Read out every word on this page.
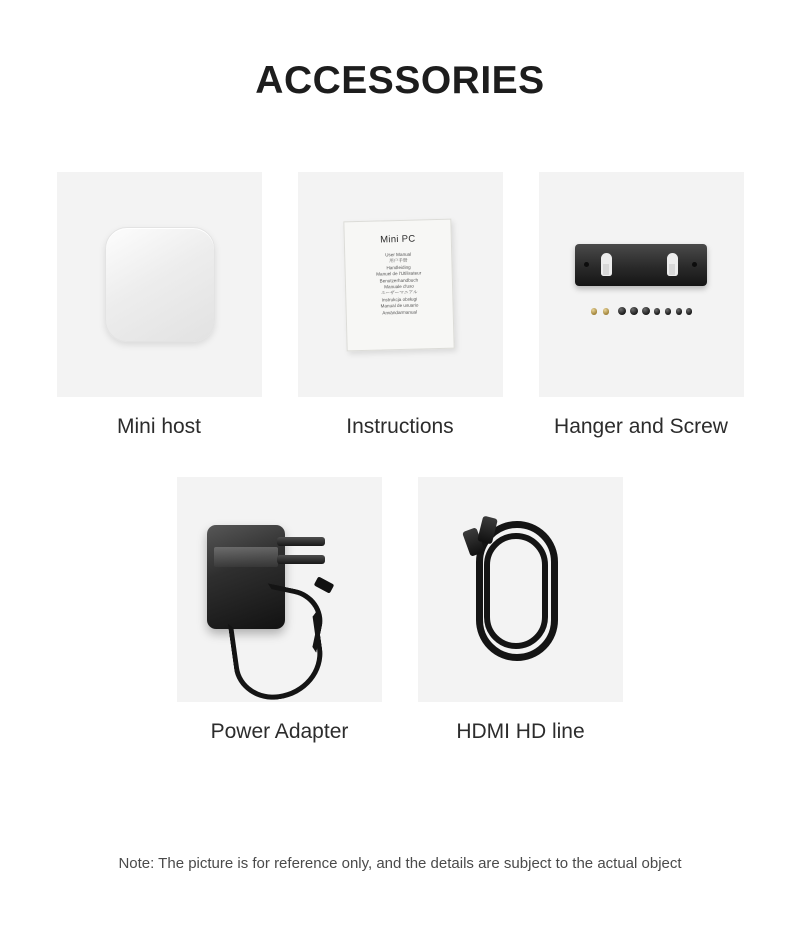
ACCESSORIES
Mini host
Mini PC
User Manual
用户手册
Handleiding
Manuel de l'Utilisateur
Benutzerhandbuch
Manuale d'uso
ユーザーマニアル
Instrukcja obsługi
Manual de usuario
Användarmanual
Instructions	Hanger and Screw
Power Adapter	HDMI HD line
Note: The picture is for reference only, and the details are subject to the actual object
